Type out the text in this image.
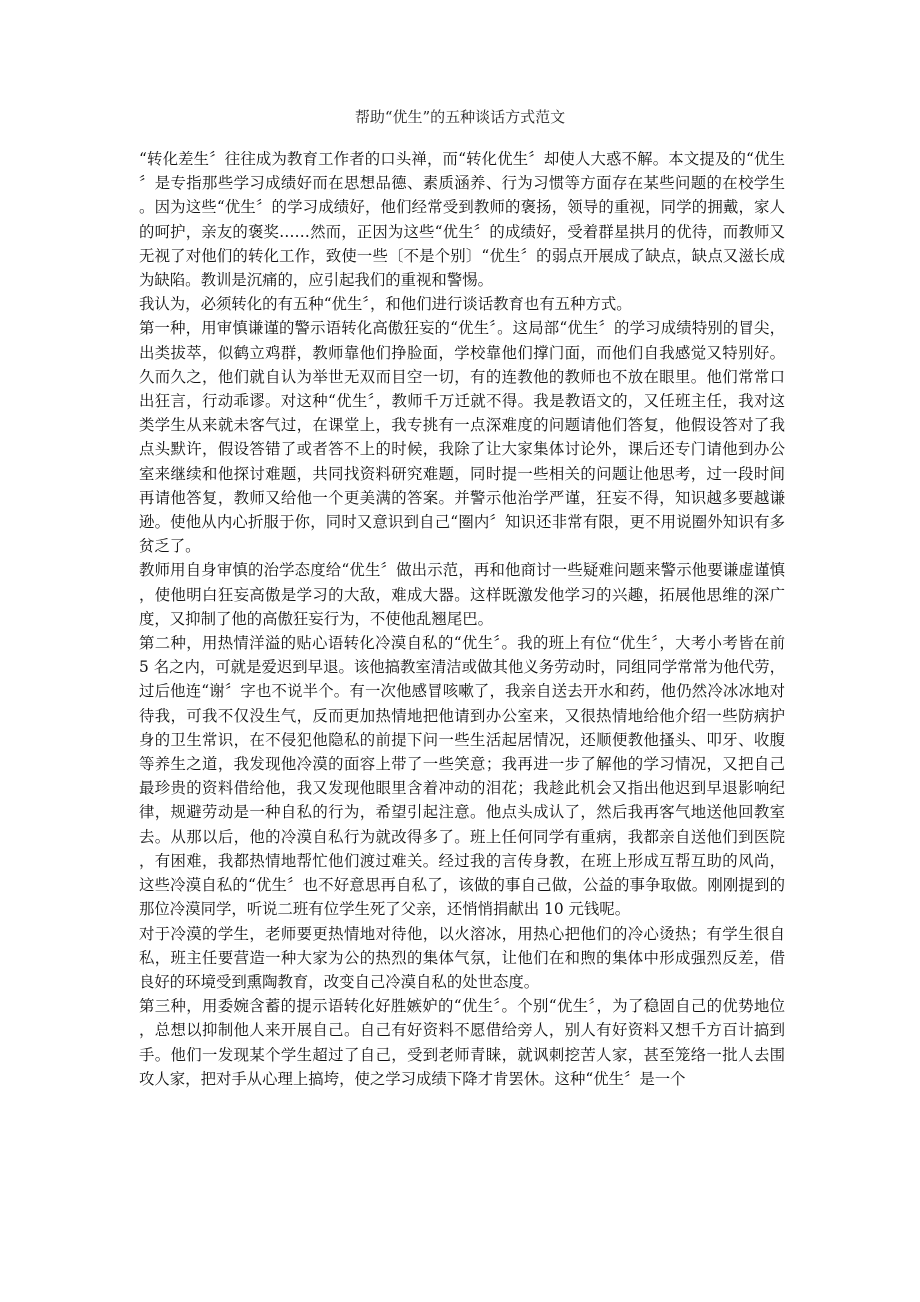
帮助“优生”的五种谈话方式范文

“转化差生〞往往成为教育工作者的口头禅，而“转化优生〞却使人大惑不解。本文提及的“优生〞是专指那些学习成绩好而在思想品德、素质涵养、行为习惯等方面存在某些问题的在校学生。因为这些“优生〞的学习成绩好，他们经常受到教师的褒扬，领导的重视，同学的拥戴，家人的呵护，亲友的褒奖……然而，正因为这些“优生〞的成绩好，受着群星拱月的优待，而教师又无视了对他们的转化工作，致使一些〔不是个别〕“优生〞的弱点开展成了缺点，缺点又滋长成为缺陷。教训是沉痛的，应引起我们的重视和警惕。

我认为，必须转化的有五种“优生〞，和他们进行谈话教育也有五种方式。

第一种，用审慎谦谨的警示语转化高傲狂妄的“优生〞。这局部“优生〞的学习成绩特别的冒尖，出类拔萃，似鹤立鸡群，教师靠他们挣脸面，学校靠他们撑门面，而他们自我感觉又特别好。久而久之，他们就自认为举世无双而目空一切，有的连教他的教师也不放在眼里。他们常常口出狂言，行动乖谬。对这种“优生〞，教师千万迁就不得。我是教语文的，又任班主任，我对这类学生从来就未客气过，在课堂上，我专挑有一点深难度的问题请他们答复，他假设答对了我点头默许，假设答错了或者答不上的时候，我除了让大家集体讨论外，课后还专门请他到办公室来继续和他探讨难题，共同找资料研究难题，同时提一些相关的问题让他思考，过一段时间再请他答复，教师又给他一个更美满的答案。并警示他治学严谨，狂妄不得，知识越多要越谦逊。使他从内心折服于你，同时又意识到自己“圈内〞知识还非常有限，更不用说圈外知识有多贫乏了。

教师用自身审慎的治学态度给“优生〞做出示范，再和他商讨一些疑难问题来警示他要谦虚谨慎，使他明白狂妄高傲是学习的大敌，难成大器。这样既激发他学习的兴趣，拓展他思维的深广度，又抑制了他的高傲狂妄行为，不使他乱翘尾巴。

第二种，用热情洋溢的贴心语转化冷漠自私的“优生〞。我的班上有位“优生〞，大考小考皆在前 5 名之内，可就是爱迟到早退。该他搞教室清洁或做其他义务劳动时，同组同学常常为他代劳，过后他连“谢〞字也不说半个。有一次他感冒咳嗽了，我亲自送去开水和药，他仍然冷冰冰地对待我，可我不仅没生气，反而更加热情地把他请到办公室来，又很热情地给他介绍一些防病护身的卫生常识，在不侵犯他隐私的前提下问一些生活起居情况，还顺便教他搔头、叩牙、收腹等养生之道，我发现他冷漠的面容上带了一些笑意；我再进一步了解他的学习情况，又把自己最珍贵的资料借给他，我又发现他眼里含着冲动的泪花；我趁此机会又指出他迟到早退影响纪律，规避劳动是一种自私的行为，希望引起注意。他点头成认了，然后我再客气地送他回教室去。从那以后，他的冷漠自私行为就改得多了。班上任何同学有重病，我都亲自送他们到医院，有困难，我都热情地帮忙他们渡过难关。经过我的言传身教，在班上形成互帮互助的风尚，这些冷漠自私的“优生〞也不好意思再自私了，该做的事自己做，公益的事争取做。刚刚提到的那位冷漠同学，听说二班有位学生死了父亲，还悄悄捐献出 10 元钱呢。

对于冷漠的学生，老师要更热情地对待他，以火溶冰，用热心把他们的冷心烫热；有学生很自私，班主任要营造一种大家为公的热烈的集体气氛，让他们在和煦的集体中形成强烈反差，借良好的环境受到熏陶教育，改变自己冷漠自私的处世态度。

第三种，用委婉含蓄的提示语转化好胜嫉妒的“优生〞。个别“优生〞，为了稳固自己的优势地位，总想以抑制他人来开展自己。自己有好资料不愿借给旁人，别人有好资料又想千方百计搞到手。他们一发现某个学生超过了自己，受到老师青睐，就讽刺挖苦人家，甚至笼络一批人去围攻人家，把对手从心理上搞垮，使之学习成绩下降才肯罢休。这种“优生〞是一个
